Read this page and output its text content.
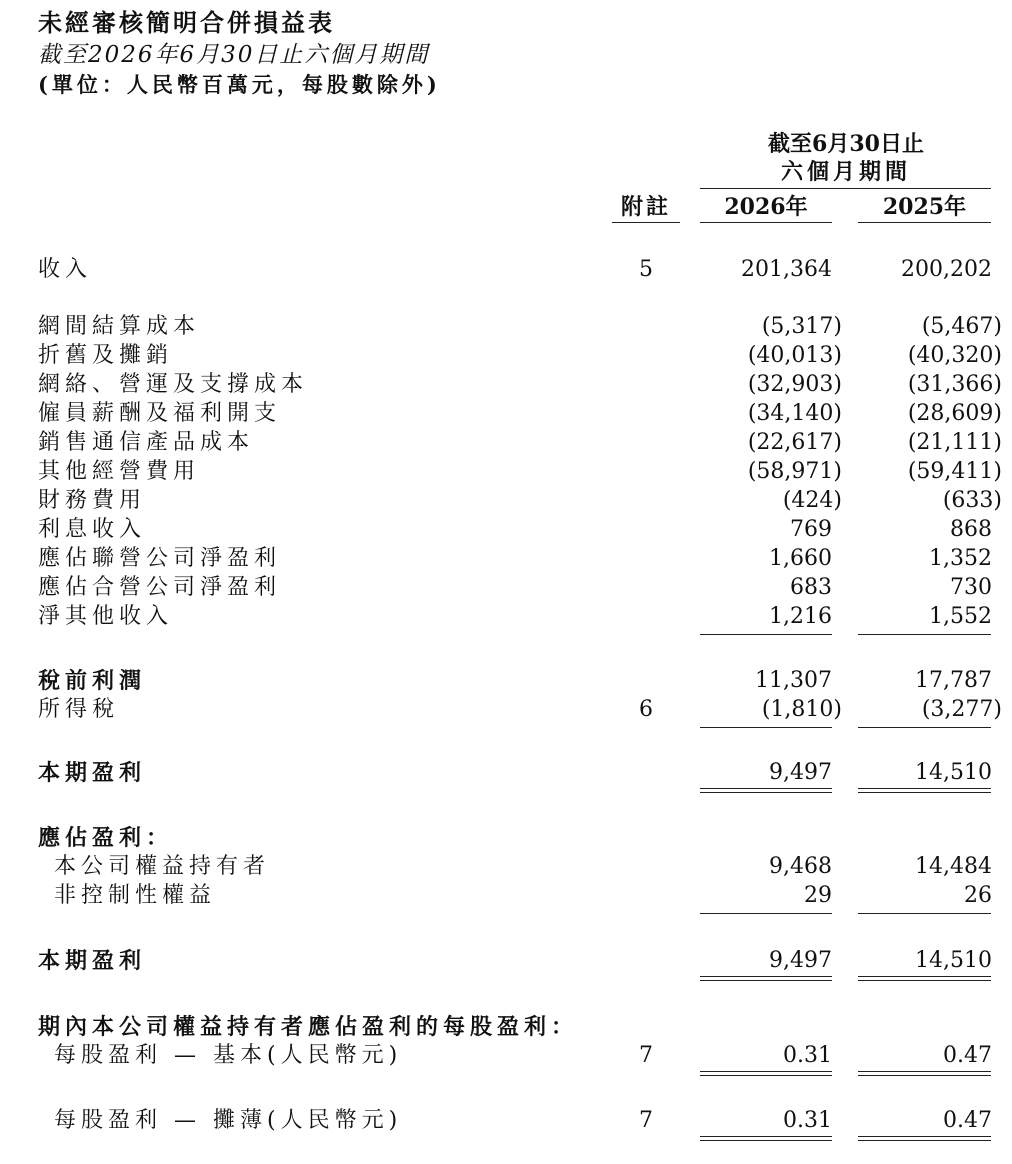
未經審核簡明合併損益表
截至2026年6月30日止六個月期間
(單位：人民幣百萬元，每股數除外)
截至6月30日止
六個月期間
附註	2026年	2025年
收入	5	201,364	200,202
網間結算成本	(5,317)	(5,467)
折舊及攤銷	(40,013)	(40,320)
網絡、營運及支撐成本	(32,903)	(31,366)
僱員薪酬及福利開支	(34,140)	(28,609)
銷售通信產品成本	(22,617)	(21,111)
其他經營費用	(58,971)	(59,411)
財務費用	(424)	(633)
利息收入	769	868
應佔聯營公司淨盈利	1,660	1,352
應佔合營公司淨盈利	683	730
淨其他收入	1,216	1,552
稅前利潤	11,307	17,787
所得稅	6	(1,810)	(3,277)
本期盈利	9,497	14,510
應佔盈利：
本公司權益持有者	9,468	14,484
非控制性權益	29	26
本期盈利	9,497	14,510
期內本公司權益持有者應佔盈利的每股盈利：
每股盈利 — 基本(人民幣元)	7	0.31	0.47
每股盈利 — 攤薄(人民幣元)	7	0.31	0.47
